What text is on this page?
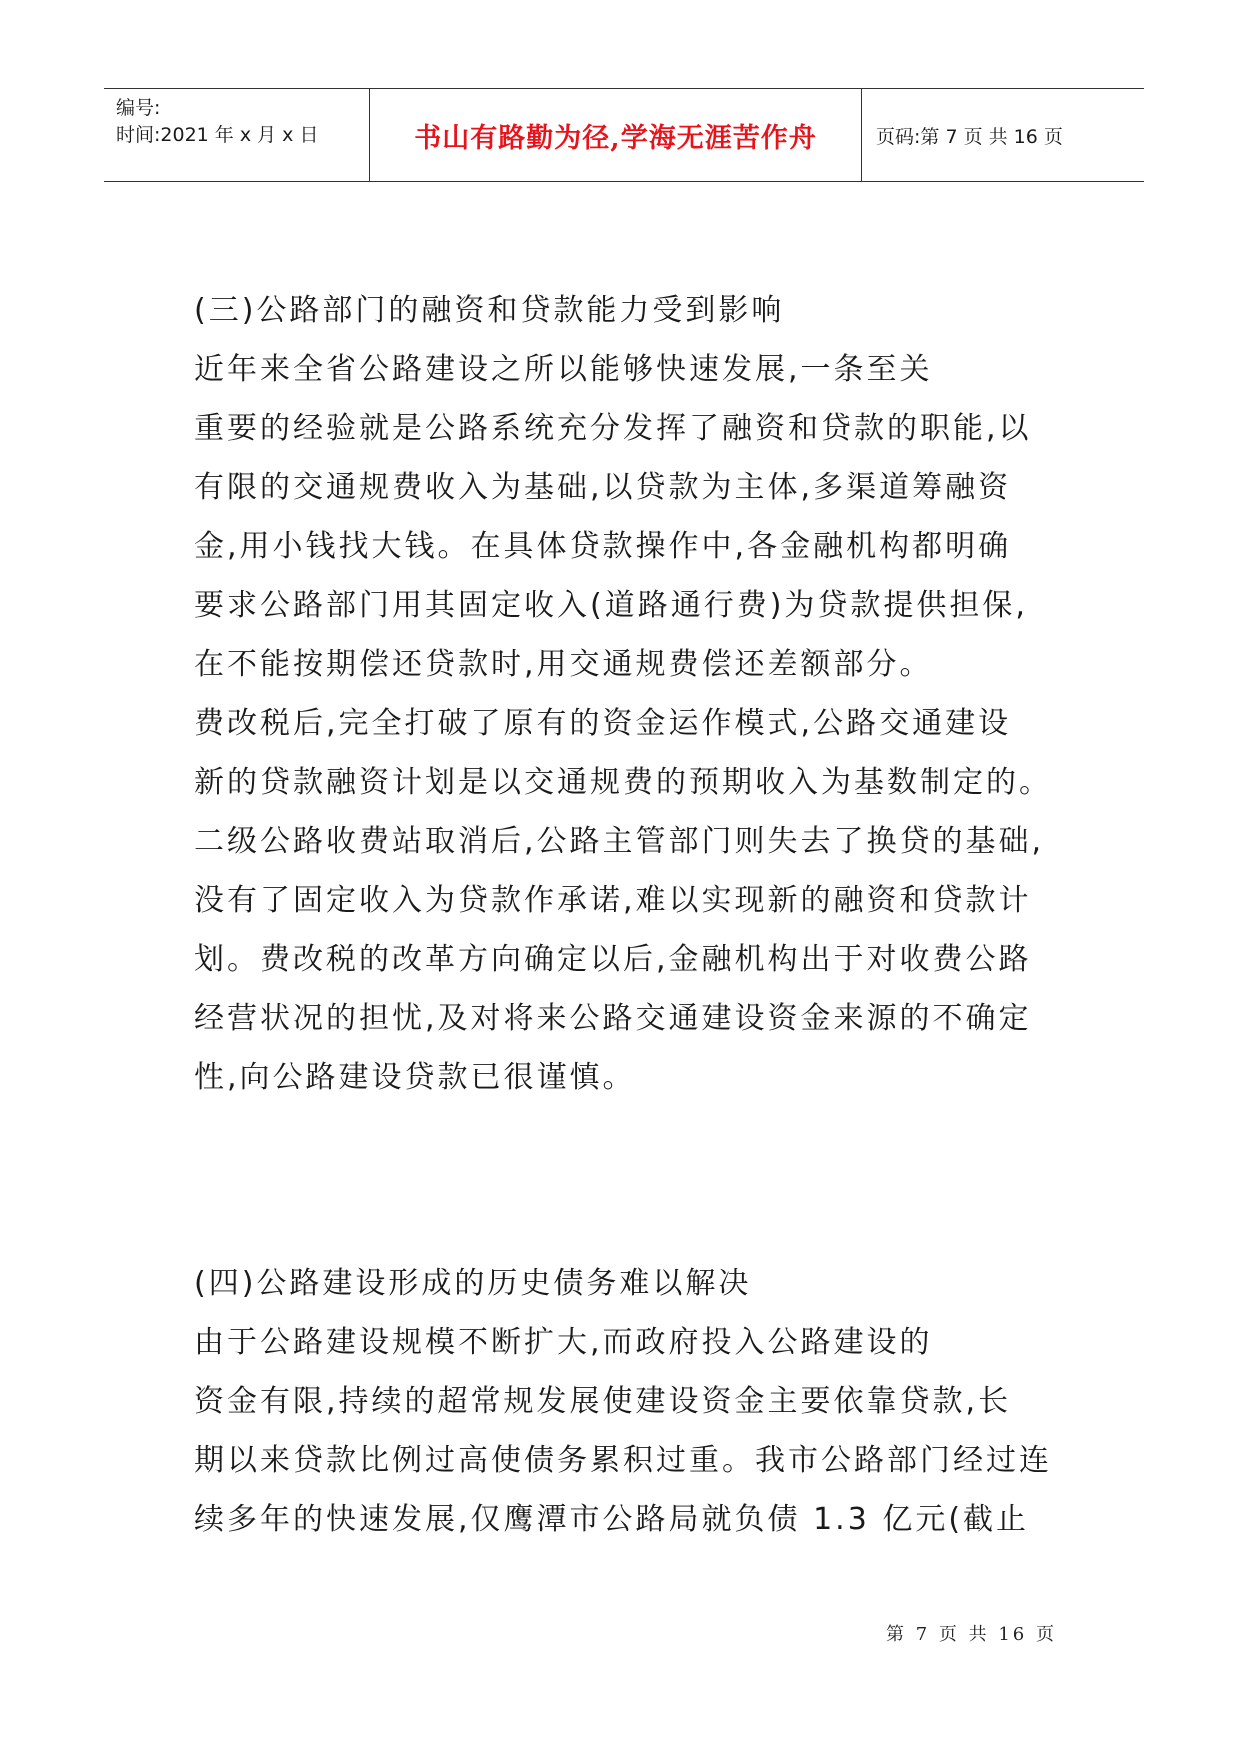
编号:
时间:2021 年 x 月 x 日	书山有路勤为径,学海无涯苦作舟	页码:第 7 页 共 16 页
(三)公路部门的融资和贷款能力受到影响
近年来全省公路建设之所以能够快速发展,一条至关
重要的经验就是公路系统充分发挥了融资和贷款的职能,以
有限的交通规费收入为基础,以贷款为主体,多渠道筹融资
金,用小钱找大钱。在具体贷款操作中,各金融机构都明确
要求公路部门用其固定收入(道路通行费)为贷款提供担保,
在不能按期偿还贷款时,用交通规费偿还差额部分。
费改税后,完全打破了原有的资金运作模式,公路交通建设
新的贷款融资计划是以交通规费的预期收入为基数制定的。
二级公路收费站取消后,公路主管部门则失去了换贷的基础,
没有了固定收入为贷款作承诺,难以实现新的融资和贷款计
划。费改税的改革方向确定以后,金融机构出于对收费公路
经营状况的担忧,及对将来公路交通建设资金来源的不确定
性,向公路建设贷款已很谨慎。
(四)公路建设形成的历史债务难以解决
由于公路建设规模不断扩大,而政府投入公路建设的
资金有限,持续的超常规发展使建设资金主要依靠贷款,长
期以来贷款比例过高使债务累积过重。我市公路部门经过连
续多年的快速发展,仅鹰潭市公路局就负债 1.3 亿元(截止
第 7 页 共 16 页
